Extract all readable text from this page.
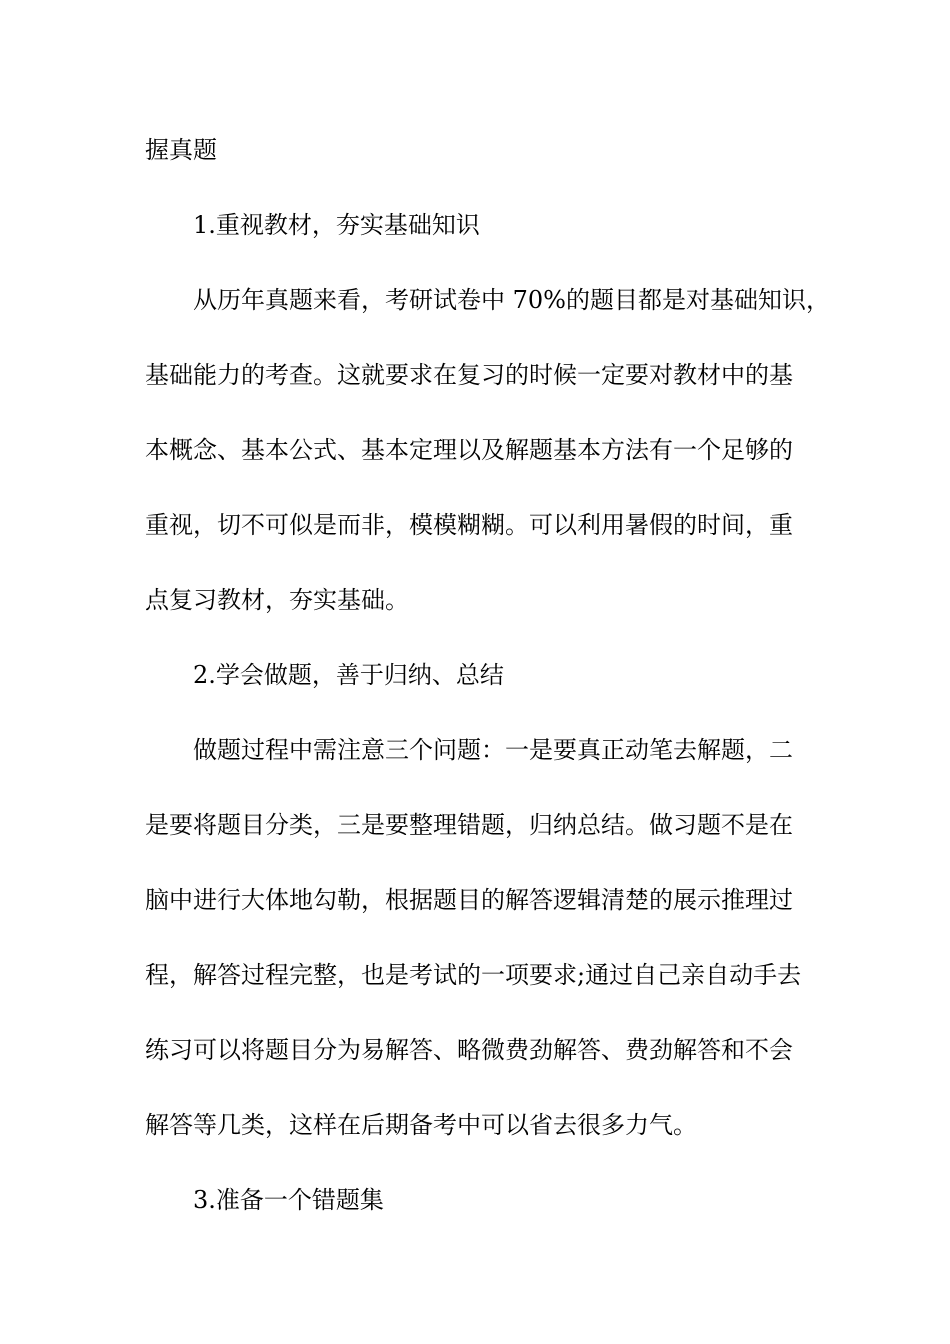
握真题
1.重视教材，夯实基础知识
从历年真题来看，考研试卷中 70%的题目都是对基础知识，
基础能力的考查。这就要求在复习的时候一定要对教材中的基
本概念、基本公式、基本定理以及解题基本方法有一个足够的
重视，切不可似是而非，模模糊糊。可以利用暑假的时间，重
点复习教材，夯实基础。
2.学会做题，善于归纳、总结
做题过程中需注意三个问题：一是要真正动笔去解题，二
是要将题目分类，三是要整理错题，归纳总结。做习题不是在
脑中进行大体地勾勒，根据题目的解答逻辑清楚的展示推理过
程，解答过程完整，也是考试的一项要求;通过自己亲自动手去
练习可以将题目分为易解答、略微费劲解答、费劲解答和不会
解答等几类，这样在后期备考中可以省去很多力气。
3.准备一个错题集
